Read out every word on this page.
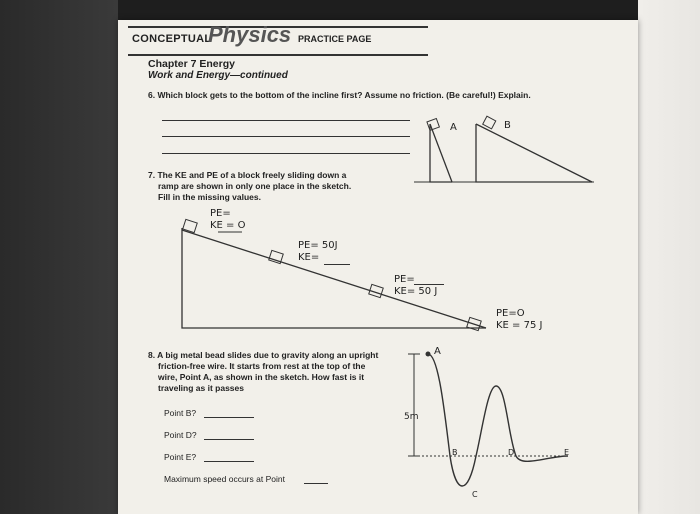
CONCEPTUAL
Physics PRACTICE PAGE
Chapter 7 Energy
Work and Energy—continued
6. Which block gets to the bottom of the incline first? Assume no friction. (Be careful!) Explain.
A	B
7. The KE and PE of a block freely sliding down a
ramp are shown in only one place in the sketch.
Fill in the missing values.
PE=
KE = O
PE= 50J
KE=
PE=
KE= 50 J
PE=O
KE = 75 J
8. A big metal bead slides due to gravity along an upright
friction-free wire. It starts from rest at the top of the
wire, Point A, as shown in the sketch. How fast is it
traveling as it passes
Point B?
Point D?
Point E?
Maximum speed occurs at Point
A
5m
B
C
D	E
